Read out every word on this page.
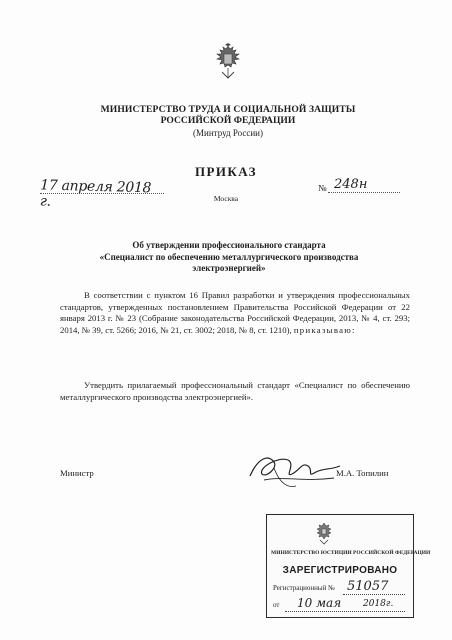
МИНИСТЕРСТВО ТРУДА И СОЦИАЛЬНОЙ ЗАЩИТЫ
РОССИЙСКОЙ ФЕДЕРАЦИИ
(Минтруд России)
ПРИКАЗ
17 апреля 2018 г.	Москва
№ 248н
Об утверждении профессионального стандарта
«Специалист по обеспечению металлургического производства
электроэнергией»
В соответствии с пунктом 16 Правил разработки и утверждения профессиональных стандартов, утвержденных постановлением Правительства Российской Федерации от 22 января 2013 г. № 23 (Собрание законодательства Российской Федерации, 2013, № 4, ст. 293; 2014, № 39, ст. 5266; 2016, № 21, ст. 3002; 2018, № 8, ст. 1210), приказываю:
Утвердить прилагаемый профессиональный стандарт «Специалист по обеспечению металлургического производства электроэнергией».
Министр	М.А. Топилин
МИНИСТЕРСТВО ЮСТИЦИИ РОССИЙСКОЙ ФЕДЕРАЦИИ
ЗАРЕГИСТРИРОВАНО
Регистрационный № 51057
от 10 мая 2018г.
